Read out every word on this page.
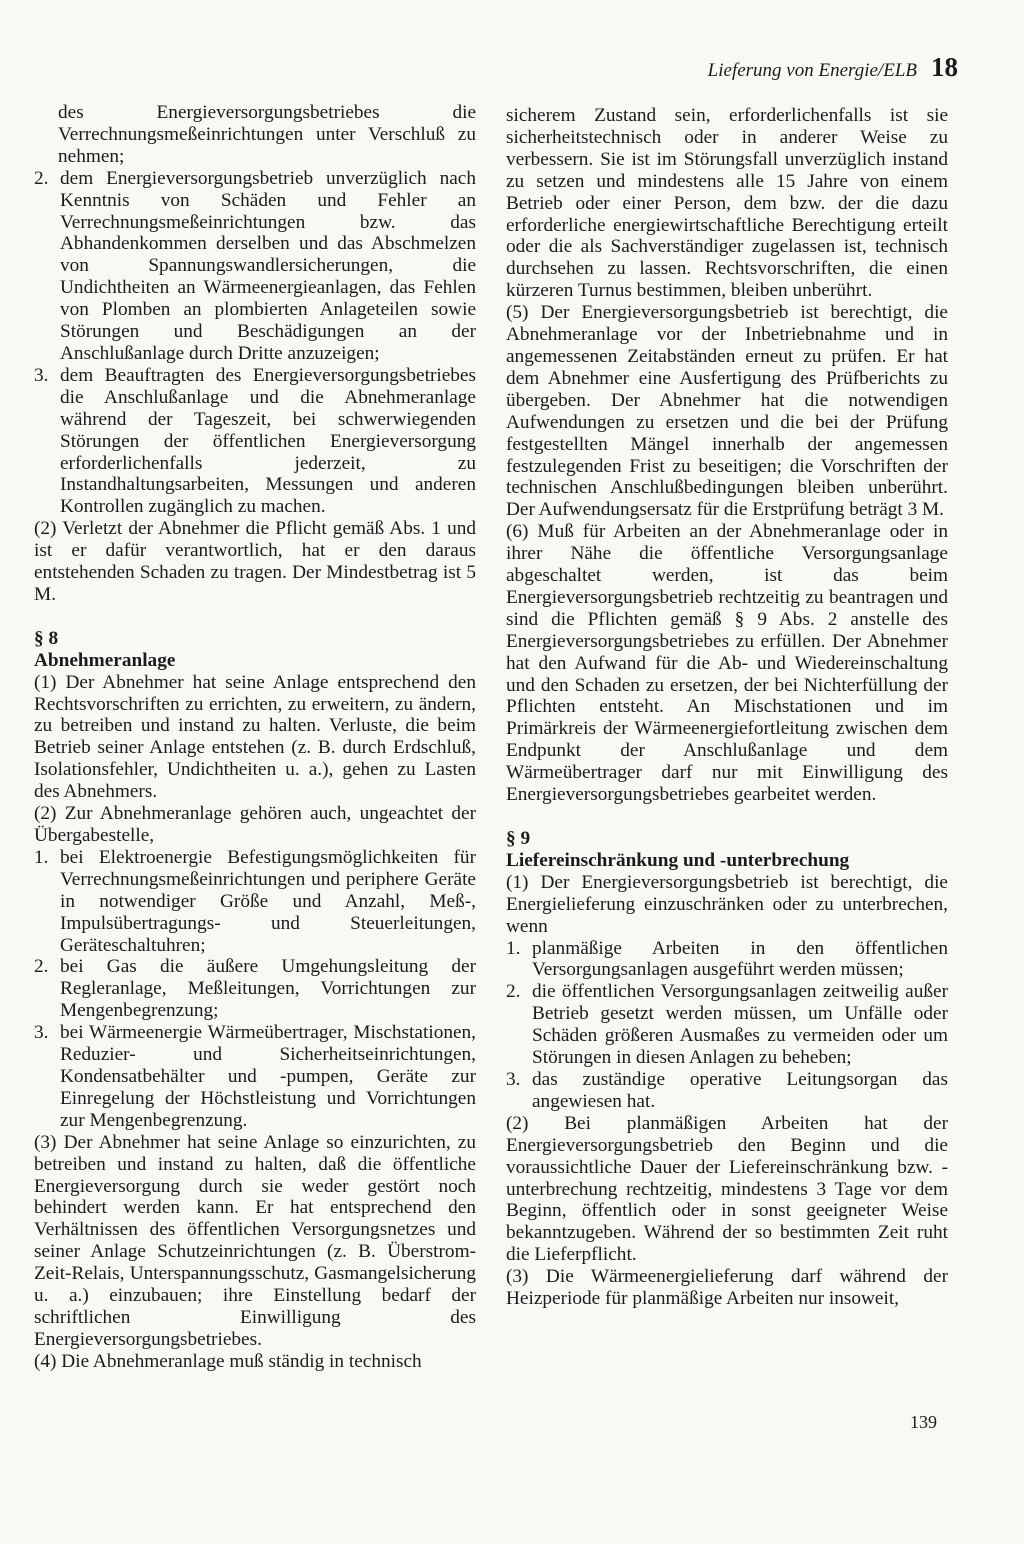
Lieferung von Energie/ELB 18

des Energieversorgungsbetriebes die Verrechnungsmeßeinrichtungen unter Verschluß zu nehmen;

2. dem Energieversorgungsbetrieb unverzüglich nach Kenntnis von Schäden und Fehler an Verrechnungsmeßeinrichtungen bzw. das Abhandenkommen derselben und das Abschmelzen von Spannungswandlersicherungen, die Undichtheiten an Wärmeenergieanlagen, das Fehlen von Plomben an plombierten Anlageteilen sowie Störungen und Beschädigungen an der Anschlußanlage durch Dritte anzuzeigen;
3. dem Beauftragten des Energieversorgungsbetriebes die Anschlußanlage und die Abnehmeranlage während der Tageszeit, bei schwerwiegenden Störungen der öffentlichen Energieversorgung erforderlichenfalls jederzeit, zu Instandhaltungsarbeiten, Messungen und anderen Kontrollen zugänglich zu machen.

(2) Verletzt der Abnehmer die Pflicht gemäß Abs. 1 und ist er dafür verantwortlich, hat er den daraus entstehenden Schaden zu tragen. Der Mindestbetrag ist 5 M.

§ 8

Abnehmeranlage

(1) Der Abnehmer hat seine Anlage entsprechend den Rechtsvorschriften zu errichten, zu erweitern, zu ändern, zu betreiben und instand zu halten. Verluste, die beim Betrieb seiner Anlage entstehen (z. B. durch Erdschluß, Isolationsfehler, Undichtheiten u. a.), gehen zu Lasten des Abnehmers.

(2) Zur Abnehmeranlage gehören auch, ungeachtet der Übergabestelle,

1. bei Elektroenergie Befestigungsmöglichkeiten für Verrechnungsmeßeinrichtungen und periphere Geräte in notwendiger Größe und Anzahl, Meß-, Impulsübertragungs- und Steuerleitungen, Geräteschaltuhren;
2. bei Gas die äußere Umgehungsleitung der Regleranlage, Meßleitungen, Vorrichtungen zur Mengenbegrenzung;
3. bei Wärmeenergie Wärmeübertrager, Mischstationen, Reduzier- und Sicherheitseinrichtungen, Kondensatbehälter und -pumpen, Geräte zur Einregelung der Höchstleistung und Vorrichtungen zur Mengenbegrenzung.

(3) Der Abnehmer hat seine Anlage so einzurichten, zu betreiben und instand zu halten, daß die öffentliche Energieversorgung durch sie weder gestört noch behindert werden kann. Er hat entsprechend den Verhältnissen des öffentlichen Versorgungsnetzes und seiner Anlage Schutzeinrichtungen (z. B. Überstrom-Zeit-Relais, Unterspannungsschutz, Gasmangelsicherung u. a.) einzubauen; ihre Einstellung bedarf der schriftlichen Einwilligung des Energieversorgungsbetriebes.

(4) Die Abnehmeranlage muß ständig in technisch

sicherem Zustand sein, erforderlichenfalls ist sie sicherheitstechnisch oder in anderer Weise zu verbessern. Sie ist im Störungsfall unverzüglich instand zu setzen und mindestens alle 15 Jahre von einem Betrieb oder einer Person, dem bzw. der die dazu erforderliche energiewirtschaftliche Berechtigung erteilt oder die als Sachverständiger zugelassen ist, technisch durchsehen zu lassen. Rechtsvorschriften, die einen kürzeren Turnus bestimmen, bleiben unberührt.

(5) Der Energieversorgungsbetrieb ist berechtigt, die Abnehmeranlage vor der Inbetriebnahme und in angemessenen Zeitabständen erneut zu prüfen. Er hat dem Abnehmer eine Ausfertigung des Prüfberichts zu übergeben. Der Abnehmer hat die notwendigen Aufwendungen zu ersetzen und die bei der Prüfung festgestellten Mängel innerhalb der angemessen festzulegenden Frist zu beseitigen; die Vorschriften der technischen Anschlußbedingungen bleiben unberührt. Der Aufwendungsersatz für die Erstprüfung beträgt 3 M.

(6) Muß für Arbeiten an der Abnehmeranlage oder in ihrer Nähe die öffentliche Versorgungsanlage abgeschaltet werden, ist das beim Energieversorgungsbetrieb rechtzeitig zu beantragen und sind die Pflichten gemäß § 9 Abs. 2 anstelle des Energieversorgungsbetriebes zu erfüllen. Der Abnehmer hat den Aufwand für die Ab- und Wiedereinschaltung und den Schaden zu ersetzen, der bei Nichterfüllung der Pflichten entsteht. An Mischstationen und im Primärkreis der Wärmeenergiefortleitung zwischen dem Endpunkt der Anschlußanlage und dem Wärmeübertrager darf nur mit Einwilligung des Energieversorgungsbetriebes gearbeitet werden.

§ 9

Liefereinschränkung und -unterbrechung

(1) Der Energieversorgungsbetrieb ist berechtigt, die Energielieferung einzuschränken oder zu unterbrechen, wenn

1. planmäßige Arbeiten in den öffentlichen Versorgungsanlagen ausgeführt werden müssen;
2. die öffentlichen Versorgungsanlagen zeitweilig außer Betrieb gesetzt werden müssen, um Unfälle oder Schäden größeren Ausmaßes zu vermeiden oder um Störungen in diesen Anlagen zu beheben;
3. das zuständige operative Leitungsorgan das angewiesen hat.

(2) Bei planmäßigen Arbeiten hat der Energieversorgungsbetrieb den Beginn und die voraussichtliche Dauer der Liefereinschränkung bzw. -unterbrechung rechtzeitig, mindestens 3 Tage vor dem Beginn, öffentlich oder in sonst geeigneter Weise bekanntzugeben. Während der so bestimmten Zeit ruht die Lieferpflicht.

(3) Die Wärmeenergielieferung darf während der Heizperiode für planmäßige Arbeiten nur insoweit,

139
